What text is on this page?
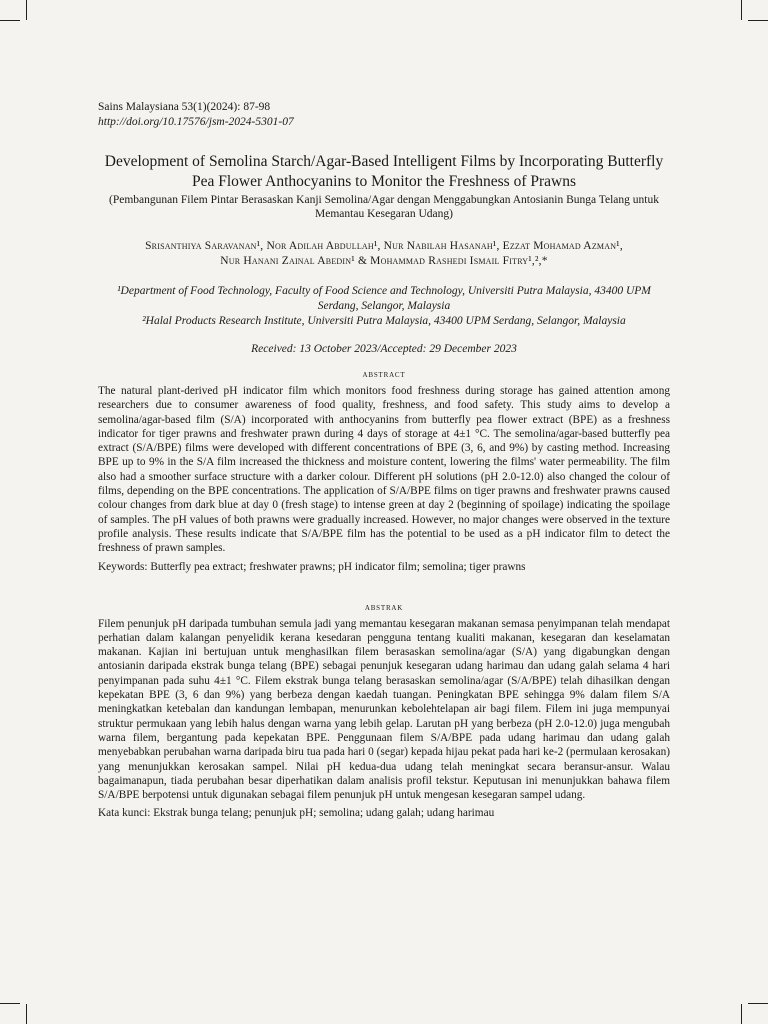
Sains Malaysiana 53(1)(2024): 87-98
http://doi.org/10.17576/jsm-2024-5301-07
Development of Semolina Starch/Agar-Based Intelligent Films by Incorporating Butterfly Pea Flower Anthocyanins to Monitor the Freshness of Prawns
(Pembangunan Filem Pintar Berasaskan Kanji Semolina/Agar dengan Menggabungkan Antosianin Bunga Telang untuk Memantau Kesegaran Udang)
Srisanthiya Saravanan¹, Nor Adilah Abdullah¹, Nur Nabilah Hasanah¹, Ezzat Mohamad Azman¹,
Nur Hanani Zainal Abedin¹ & Mohammad Rashedi Ismail Fitry¹,²,*
¹Department of Food Technology, Faculty of Food Science and Technology, Universiti Putra Malaysia, 43400 UPM Serdang, Selangor, Malaysia
²Halal Products Research Institute, Universiti Putra Malaysia, 43400 UPM Serdang, Selangor, Malaysia
Received: 13 October 2023/Accepted: 29 December 2023
abstract
The natural plant-derived pH indicator film which monitors food freshness during storage has gained attention among researchers due to consumer awareness of food quality, freshness, and food safety. This study aims to develop a semolina/agar-based film (S/A) incorporated with anthocyanins from butterfly pea flower extract (BPE) as a freshness indicator for tiger prawns and freshwater prawn during 4 days of storage at 4±1 °C. The semolina/agar-based butterfly pea extract (S/A/BPE) films were developed with different concentrations of BPE (3, 6, and 9%) by casting method. Increasing BPE up to 9% in the S/A film increased the thickness and moisture content, lowering the films' water permeability. The film also had a smoother surface structure with a darker colour. Different pH solutions (pH 2.0-12.0) also changed the colour of films, depending on the BPE concentrations. The application of S/A/BPE films on tiger prawns and freshwater prawns caused colour changes from dark blue at day 0 (fresh stage) to intense green at day 2 (beginning of spoilage) indicating the spoilage of samples. The pH values of both prawns were gradually increased. However, no major changes were observed in the texture profile analysis. These results indicate that S/A/BPE film has the potential to be used as a pH indicator film to detect the freshness of prawn samples.
Keywords: Butterfly pea extract; freshwater prawns; pH indicator film; semolina; tiger prawns
abstrak
Filem penunjuk pH daripada tumbuhan semula jadi yang memantau kesegaran makanan semasa penyimpanan telah mendapat perhatian dalam kalangan penyelidik kerana kesedaran pengguna tentang kualiti makanan, kesegaran dan keselamatan makanan. Kajian ini bertujuan untuk menghasilkan filem berasaskan semolina/agar (S/A) yang digabungkan dengan antosianin daripada ekstrak bunga telang (BPE) sebagai penunjuk kesegaran udang harimau dan udang galah selama 4 hari penyimpanan pada suhu 4±1 °C. Filem ekstrak bunga telang berasaskan semolina/agar (S/A/BPE) telah dihasilkan dengan kepekatan BPE (3, 6 dan 9%) yang berbeza dengan kaedah tuangan. Peningkatan BPE sehingga 9% dalam filem S/A meningkatkan ketebalan dan kandungan lembapan, menurunkan kebolehtelapan air bagi filem. Filem ini juga mempunyai struktur permukaan yang lebih halus dengan warna yang lebih gelap. Larutan pH yang berbeza (pH 2.0-12.0) juga mengubah warna filem, bergantung pada kepekatan BPE. Penggunaan filem S/A/BPE pada udang harimau dan udang galah menyebabkan perubahan warna daripada biru tua pada hari 0 (segar) kepada hijau pekat pada hari ke-2 (permulaan kerosakan) yang menunjukkan kerosakan sampel. Nilai pH kedua-dua udang telah meningkat secara beransur-ansur. Walau bagaimanapun, tiada perubahan besar diperhatikan dalam analisis profil tekstur. Keputusan ini menunjukkan bahawa filem S/A/BPE berpotensi untuk digunakan sebagai filem penunjuk pH untuk mengesan kesegaran sampel udang.
Kata kunci: Ekstrak bunga telang; penunjuk pH; semolina; udang galah; udang harimau
